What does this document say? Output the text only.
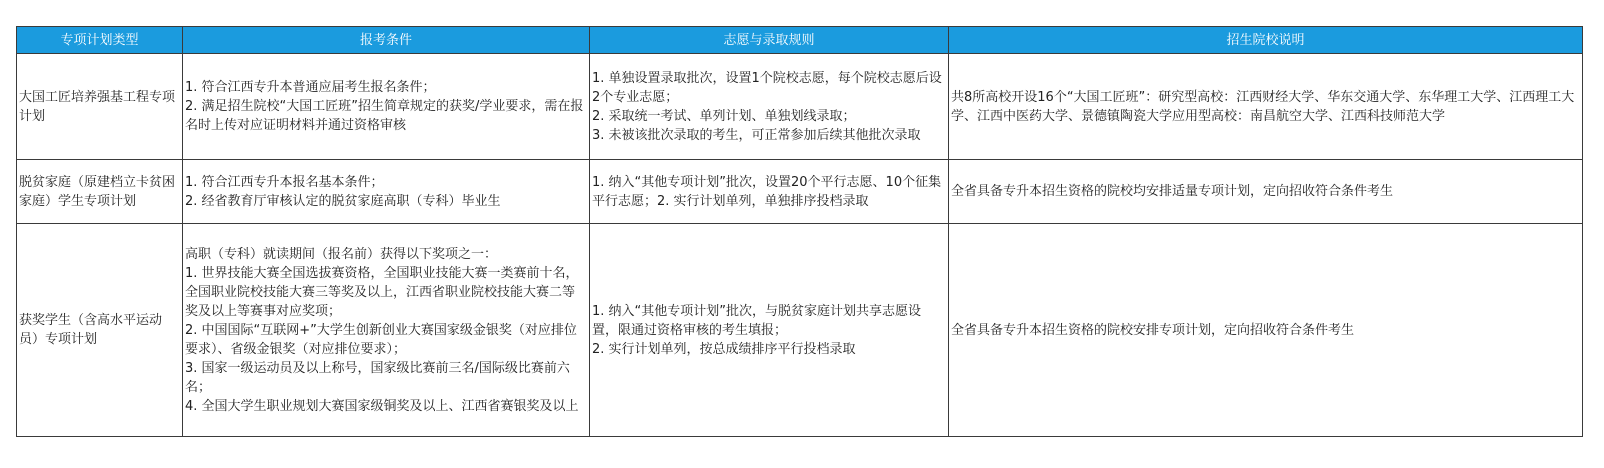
专项计划类型	报考条件	志愿与录取规则	招生院校说明

大国工匠培养强基工程专项计划	1. 符合江西专升本普通应届考生报名条件；
2. 满足招生院校“大国工匠班”招生简章规定的获奖/学业要求，需在报名时上传对应证明材料并通过资格审核	1. 单独设置录取批次，设置1个院校志愿，每个院校志愿后设2个专业志愿；
2. 采取统一考试、单列计划、单独划线录取；
3. 未被该批次录取的考生，可正常参加后续其他批次录取	共8所高校开设16个“大国工匠班”：研究型高校：江西财经大学、华东交通大学、东华理工大学、江西理工大学、江西中医药大学、景德镇陶瓷大学应用型高校：南昌航空大学、江西科技师范大学

脱贫家庭（原建档立卡贫困家庭）学生专项计划	1. 符合江西专升本报名基本条件；
2. 经省教育厅审核认定的脱贫家庭高职（专科）毕业生	1. 纳入“其他专项计划”批次，设置20个平行志愿、10个征集平行志愿；2. 实行计划单列，单独排序投档录取	全省具备专升本招生资格的院校均安排适量专项计划，定向招收符合条件考生

获奖学生（含高水平运动员）专项计划	高职（专科）就读期间（报名前）获得以下奖项之一：
1. 世界技能大赛全国选拔赛资格，全国职业技能大赛一类赛前十名，全国职业院校技能大赛三等奖及以上，江西省职业院校技能大赛二等奖及以上等赛事对应奖项；
2. 中国国际“互联网+”大学生创新创业大赛国家级金银奖（对应排位要求）、省级金银奖（对应排位要求）；
3. 国家一级运动员及以上称号，国家级比赛前三名/国际级比赛前六名；
4. 全国大学生职业规划大赛国家级铜奖及以上、江西省赛银奖及以上	1. 纳入“其他专项计划”批次，与脱贫家庭计划共享志愿设置，限通过资格审核的考生填报；
2. 实行计划单列，按总成绩排序平行投档录取	全省具备专升本招生资格的院校安排专项计划，定向招收符合条件考生
